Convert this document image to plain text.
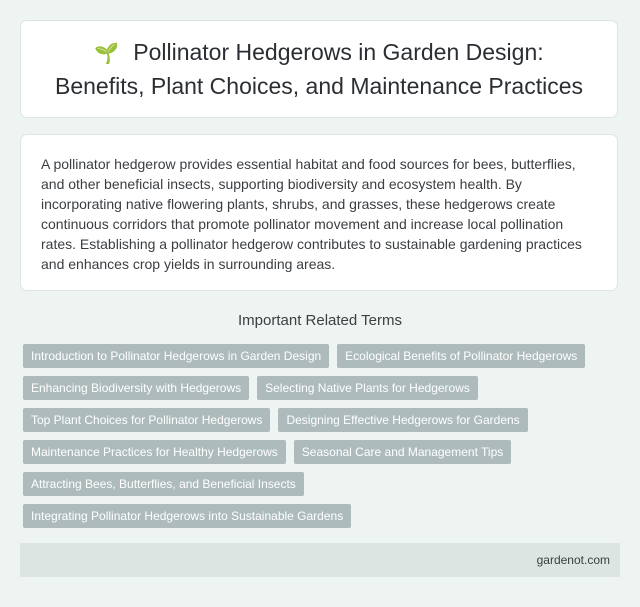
🌱 Pollinator Hedgerows in Garden Design:
Benefits, Plant Choices, and Maintenance Practices

A pollinator hedgerow provides essential habitat and food sources for bees, butterflies, and other beneficial insects, supporting biodiversity and ecosystem health. By incorporating native flowering plants, shrubs, and grasses, these hedgerows create continuous corridors that promote pollinator movement and increase local pollination rates. Establishing a pollinator hedgerow contributes to sustainable gardening practices and enhances crop yields in surrounding areas.

Important Related Terms
Introduction to Pollinator Hedgerows in Garden Design	Ecological Benefits of Pollinator Hedgerows
Enhancing Biodiversity with Hedgerows	Selecting Native Plants for Hedgerows
Top Plant Choices for Pollinator Hedgerows	Designing Effective Hedgerows for Gardens
Maintenance Practices for Healthy Hedgerows	Seasonal Care and Management Tips
Attracting Bees, Butterflies, and Beneficial Insects
Integrating Pollinator Hedgerows into Sustainable Gardens
gardenot.com
